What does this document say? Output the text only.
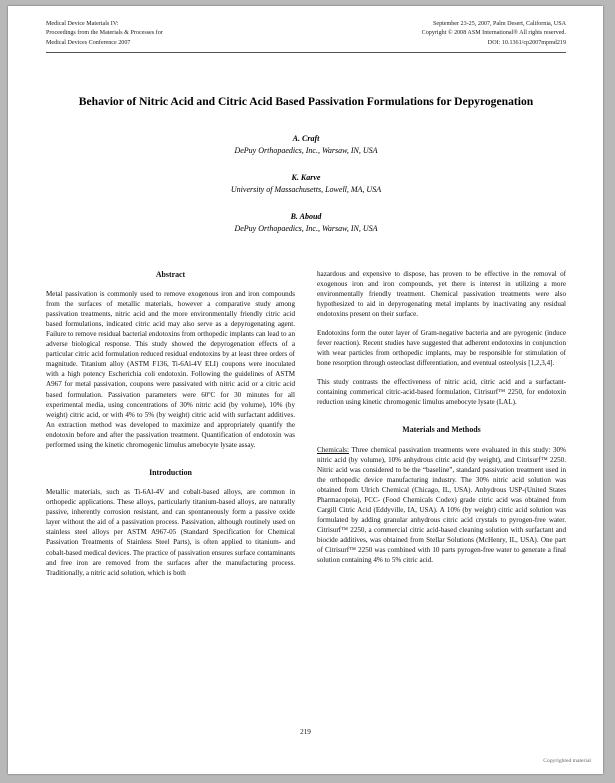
Medical Device Materials IV:
Proceedings from the Materials & Processes for
Medical Devices Conference 2007
September 23-25, 2007, Palm Desert, California, USA
Copyright © 2008 ASM International® All rights reserved.
DOI: 10.1361/cp2007mpmd219
Behavior of Nitric Acid and Citric Acid Based Passivation Formulations for Depyrogenation
A. Craft
DePuy Orthopaedics, Inc., Warsaw, IN, USA
K. Karve
University of Massachusetts, Lowell, MA, USA
B. Aboud
DePuy Orthopaedics, Inc., Warsaw, IN, USA
Abstract

Metal passivation is commonly used to remove exogenous iron and iron compounds from the surfaces of metallic materials, however a comparative study among passivation treatments, nitric acid and the more environmentally friendly citric acid based formulations, indicated citric acid may also serve as a depyrogenating agent. Failure to remove residual bacterial endotoxins from orthopedic implants can lead to an adverse biological response. This study showed the depyrogenation effects of a particular citric acid formulation reduced residual endotoxins by at least three orders of magnitude. Titanium alloy (ASTM F136, Ti-6Al-4V ELI) coupons were inoculated with a high potency Escherichia coli endotoxin. Following the guidelines of ASTM A967 for metal passivation, coupons were passivated with nitric acid or a citric acid based formulation. Passivation parameters were 60ºC for 30 minutes for all experimental media, using concentrations of 30% nitric acid (by volume), 10% (by weight) citric acid, or with 4% to 5% (by weight) citric acid with surfactant additives. An extraction method was developed to maximize and appropriately quantify the endotoxin before and after the passivation treatment. Quantification of endotoxin was performed using the kinetic chromogenic limulus amebocyte lysate assay.

Introduction

Metallic materials, such as Ti-6Al-4V and cobalt-based alloys, are common in orthopedic applications. These alloys, particularly titanium-based alloys, are naturally passive, inherently corrosion resistant, and can spontaneously form a passive oxide layer without the aid of a passivation process. Passivation, although routinely used on stainless steel alloys per ASTM A967-05 (Standard Specification for Chemical Passivation Treatments of Stainless Steel Parts), is often applied to titanium- and cobalt-based medical devices. The practice of passivation ensures surface contaminants and free iron are removed from the surfaces after the manufacturing process. Traditionally, a nitric acid solution, which is both

hazardous and expensive to dispose, has proven to be effective in the removal of exogenous iron and iron compounds, yet there is interest in utilizing a more environmentally friendly treatment. Chemical passivation treatments were also hypothesized to aid in depyrogenating metal implants by inactivating any residual endotoxins present on their surface.

Endotoxins form the outer layer of Gram-negative bacteria and are pyrogenic (induce fever reaction). Recent studies have suggested that adherent endotoxins in conjunction with wear particles from orthopedic implants, may be responsible for stimulation of bone resorption through osteoclast differentiation, and eventual osteolysis [1,2,3,4].

This study contrasts the effectiveness of nitric acid, citric acid and a surfactant-containing commerical citric-acid-based formulation, Citrisurf™ 2250, for endotoxin reduction using kinetic chromogenic limulus amebocyte lysate (LAL).

Materials and Methods

Chemicals: Three chemical passivation treatments were evaluated in this study: 30% nitric acid (by volume), 10% anhydrous citric acid (by weight), and Citrisurf™ 2250. Nitric acid was considered to be the “baseline”, standard passivation treatment used in the orthopedic device manufacturing industry. The 30% nitric acid solution was obtained from Ulrich Chemical (Chicago, IL, USA). Anhydrous USP-(United States Pharmacopeia), FCC- (Food Chemicals Codex) grade citric acid was obtained from Cargill Citric Acid (Eddyville, IA, USA). A 10% (by weight) citric acid solution was formulated by adding granular anhydrous citric acid crystals to pyrogen-free water. Citrisurf™ 2250, a commercial citric acid-based cleaning solution with surfactant and biocide additives, was obtained from Stellar Solutions (McHenry, IL, USA). One part of Citrisurf™ 2250 was combined with 10 parts pyrogen-free water to generate a final solution containing 4% to 5% citric acid.

219
Copyrighted material
